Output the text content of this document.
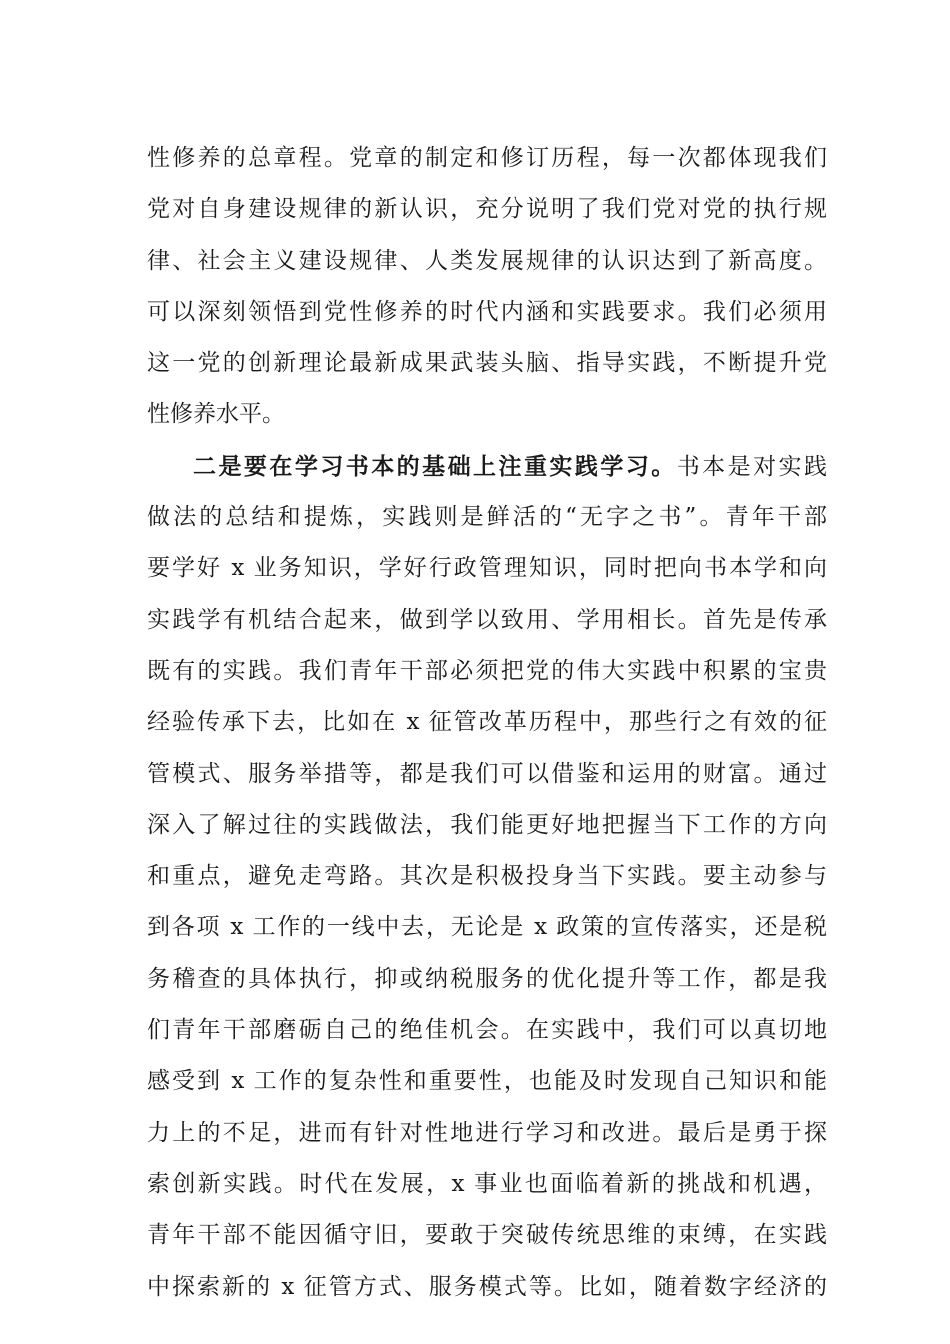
性修养的总章程。党章的制定和修订历程，每一次都体现我们
党对自身建设规律的新认识，充分说明了我们党对党的执行规
律、社会主义建设规律、人类发展规律的认识达到了新高度。
可以深刻领悟到党性修养的时代内涵和实践要求。我们必须用
这一党的创新理论最新成果武装头脑、指导实践，不断提升党
性修养水平。
二是要在学习书本的基础上注重实践学习。书本是对实践
做法的总结和提炼，实践则是鲜活的“无字之书”。青年干部
要学好 x 业务知识，学好行政管理知识，同时把向书本学和向
实践学有机结合起来，做到学以致用、学用相长。首先是传承
既有的实践。我们青年干部必须把党的伟大实践中积累的宝贵
经验传承下去，比如在 x 征管改革历程中，那些行之有效的征
管模式、服务举措等，都是我们可以借鉴和运用的财富。通过
深入了解过往的实践做法，我们能更好地把握当下工作的方向
和重点，避免走弯路。其次是积极投身当下实践。要主动参与
到各项 x 工作的一线中去，无论是 x 政策的宣传落实，还是税
务稽查的具体执行，抑或纳税服务的优化提升等工作，都是我
们青年干部磨砺自己的绝佳机会。在实践中，我们可以真切地
感受到 x 工作的复杂性和重要性，也能及时发现自己知识和能
力上的不足，进而有针对性地进行学习和改进。最后是勇于探
索创新实践。时代在发展，x 事业也面临着新的挑战和机遇，
青年干部不能因循守旧，要敢于突破传统思维的束缚，在实践
中探索新的 x 征管方式、服务模式等。比如，随着数字经济的
